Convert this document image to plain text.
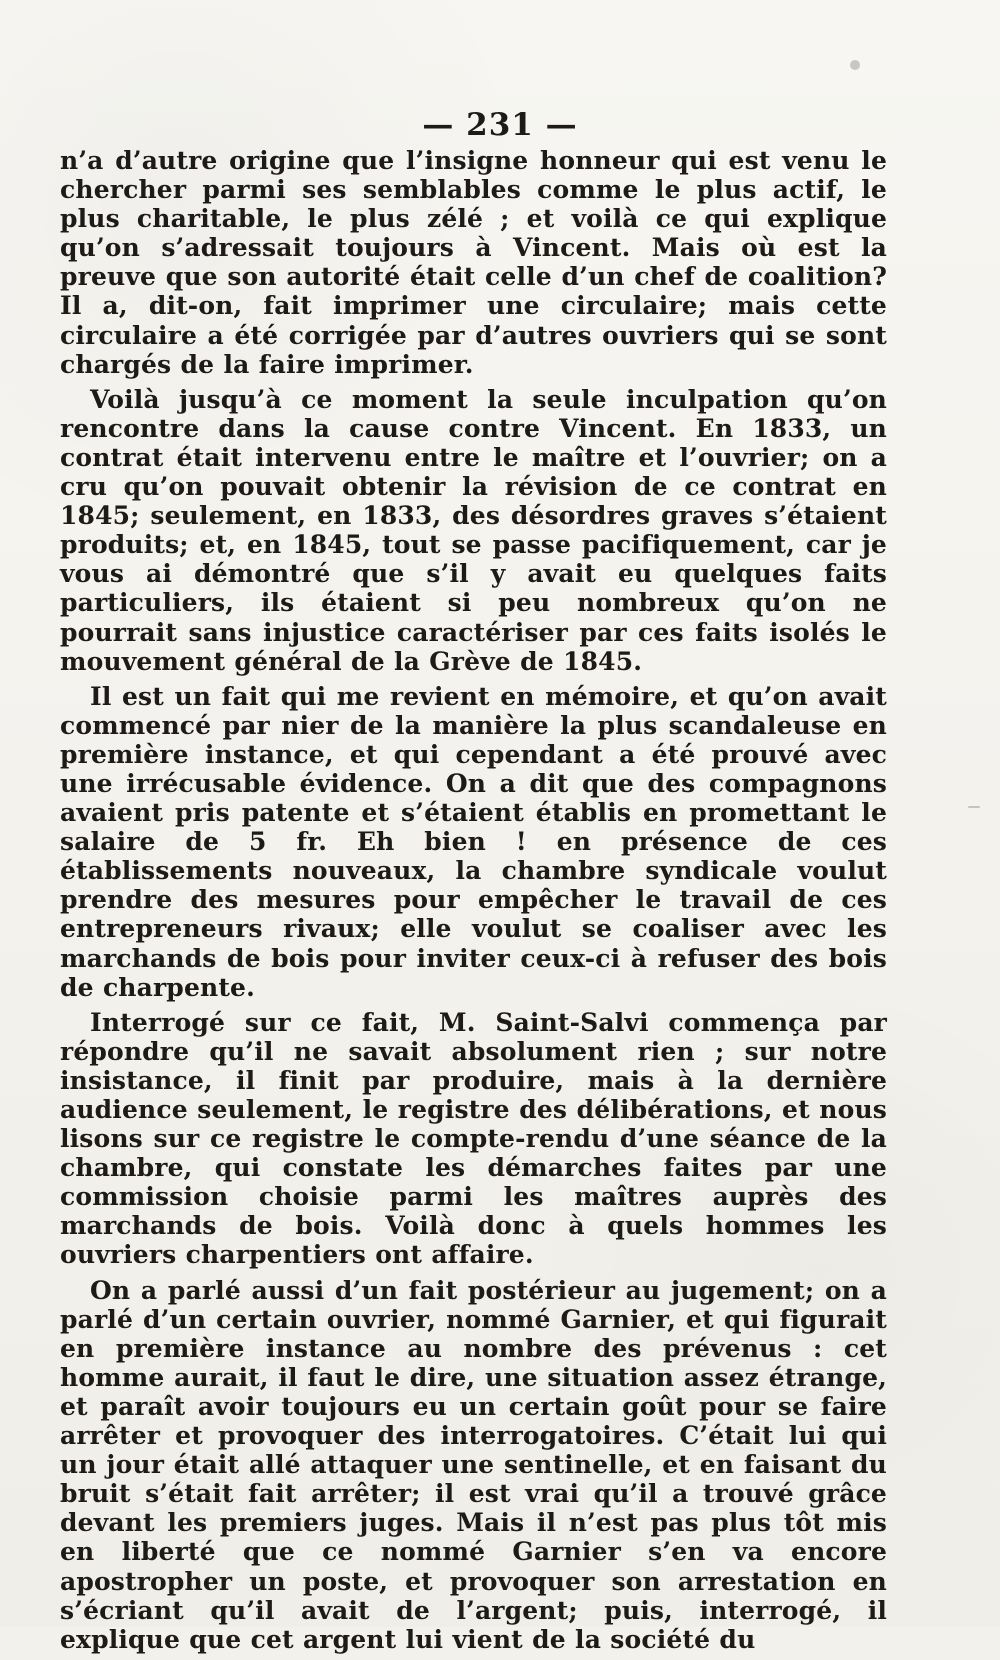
— 231 —

n’a d’autre origine que l’insigne honneur qui est venu le chercher parmi ses semblables comme le plus actif, le plus charitable, le plus zélé ; et voilà ce qui explique qu’on s’adressait toujours à Vincent. Mais où est la preuve que son autorité était celle d’un chef de coalition? Il a, dit-on, fait imprimer une circulaire; mais cette circulaire a été corrigée par d’autres ouvriers qui se sont chargés de la faire imprimer.

Voilà jusqu’à ce moment la seule inculpation qu’on rencontre dans la cause contre Vincent. En 1833, un contrat était intervenu entre le maître et l’ouvrier; on a cru qu’on pouvait obtenir la révision de ce contrat en 1845; seulement, en 1833, des désordres graves s’étaient produits; et, en 1845, tout se passe pacifiquement, car je vous ai démontré que s’il y avait eu quelques faits particuliers, ils étaient si peu nombreux qu’on ne pourrait sans injustice caractériser par ces faits isolés le mouvement général de la Grève de 1845.

Il est un fait qui me revient en mémoire, et qu’on avait commencé par nier de la manière la plus scandaleuse en première instance, et qui cependant a été prouvé avec une irrécusable évidence. On a dit que des compagnons avaient pris patente et s’étaient établis en promettant le salaire de 5 fr. Eh bien ! en présence de ces établissements nouveaux, la chambre syndicale voulut prendre des mesures pour empêcher le travail de ces entrepreneurs rivaux; elle voulut se coaliser avec les marchands de bois pour inviter ceux-ci à refuser des bois de charpente.

Interrogé sur ce fait, M. Saint-Salvi commença par répondre qu’il ne savait absolument rien ; sur notre insistance, il finit par produire, mais à la dernière audience seulement, le registre des délibérations, et nous lisons sur ce registre le compte-rendu d’une séance de la chambre, qui constate les démarches faites par une commission choisie parmi les maîtres auprès des marchands de bois. Voilà donc à quels hommes les ouvriers charpentiers ont affaire.

On a parlé aussi d’un fait postérieur au jugement; on a parlé d’un certain ouvrier, nommé Garnier, et qui figurait en première instance au nombre des prévenus : cet homme aurait, il faut le dire, une situation assez étrange, et paraît avoir toujours eu un certain goût pour se faire arrêter et provoquer des interrogatoires. C’était lui qui un jour était allé attaquer une sentinelle, et en faisant du bruit s’était fait arrêter; il est vrai qu’il a trouvé grâce devant les premiers juges. Mais il n’est pas plus tôt mis en liberté que ce nommé Garnier s’en va encore apostropher un poste, et provoquer son arrestation en s’écriant qu’il avait de l’argent; puis, interrogé, il explique que cet argent lui vient de la société du
